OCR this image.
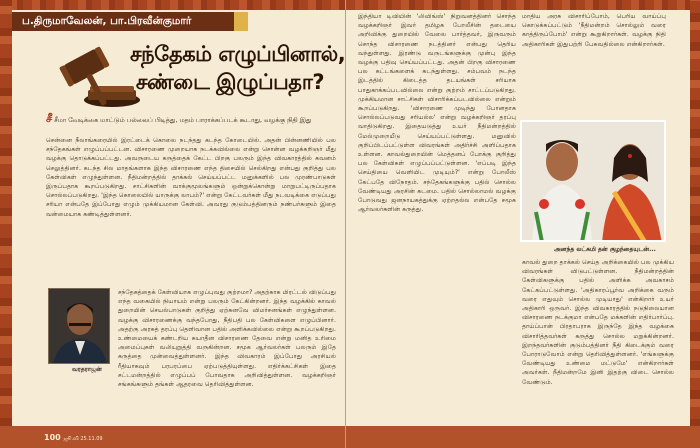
ப.திருமாவேலன், பா.பிரவீன்குமார்
சந்தேகம் எழுப்பினால்,
சண்டை இழுப்பதா?
சீ சீமா வேடிக்கை மாட்டும் பல்லைப் பிடித்து, மதம் பாராக்கப்படக் கூடாது, வழக்கு நிதி இது
சென்னை நீலாங்கரையில் இரட்டைக் கொலை நடந்தது கடந்த கோடையில். அதன் பின்னணியில் பல சந்தேகங்கள் எழுப்பப்பட்டன. விசாரணை முறையாக நடக்கவில்லை என்று சொன்ன வழக்கறிஞர் மீது வழக்கு தொடுக்கப்பட்டது. அவருடைய கருத்தைக் கேட்ட பிறகு பலரும் இந்த விவகாரத்தில் கவனம் செலுத்தினர். கடந்த சில மாதங்களாக இந்த விசாரணை எந்த திசையில் செல்கிறது என்பது குறித்து பல கேள்விகள் எழுந்துள்ளன. நீதிமன்றத்தில் தாக்கல் செய்யப்பட்ட மனுக்களில் பல முரண்பாடுகள் இருப்பதாக கூறப்படுகிறது. சாட்சிகளின் வாக்குமூலங்களும் ஒன்றுக்கொன்று மாறுபட்டிருப்பதாக சொல்லப்படுகிறது. 'இந்த கொலையில் யாருக்கு லாபம்?' என்று கேட்டவர்கள் மீது நடவடிக்கை எடுப்பது சரியா என்பதே இப்போது எழும் முக்கியமான கேள்வி. அவரது குடும்பத்தினரும் நண்பர்களும் இதை வன்மையாக கண்டித்துள்ளனர்.
வரதராஜன்
சந்தேகத்தைக் கேள்வியாக எழுப்புவது குற்றமா? அதற்காக மிரட்டல் விடுப்பது எந்த வகையில் நியாயம் என்று பலரும் கேட்கின்றனர். இந்த வழக்கில் காவல் துறையின் செயல்பாடுகள் குறித்து ஏற்கனவே விமர்சனங்கள் எழுந்துள்ளன. வழக்கு விசாரணைக்கு வந்தபோது, நீதிபதி பல கேள்விகளை எழுப்பினார். அதற்கு அரசுத் தரப்பு தெளிவான பதில் அளிக்கவில்லை என்று கூறப்படுகிறது. உண்மையைக் கண்டறிய சுயாதீன விசாரணை தேவை என்று மனித உரிமை அமைப்புகள் வலியுறுத்தி வருகின்றன. சமூக ஆர்வலர்கள் பலரும் இதே கருத்தை முன்வைத்துள்ளனர். இந்த விவகாரம் இப்போது அரசியல் ரீதியாகவும் பரபரப்பை ஏற்படுத்தியுள்ளது. எதிர்க்கட்சிகள் இதை சட்டமன்றத்தில் எழுப்பப் போவதாக அறிவித்துள்ளன. வழக்கறிஞர் சங்கங்களும் தங்கள் ஆதரவை தெரிவித்துள்ளன.
100 ஜூ.வி 25.11.09
இந்தியா டிவியின் 'லிவிங்ஸ்' நிறுவனத்தினர் சொந்த வழக்கறிஞர் இவர் தமிழக போலீசின் தடையை அறிவிக்கு துறையில் வேலை பார்த்தவர், இருவரும் சொந்த விசாரணை நடத்தினர் என்பது தெரிய வந்துள்ளது. இரண்டு வருடங்களுக்கு முன்பு இந்த வழக்கு பதிவு செய்யப்பட்டது. அதன் பிறகு விசாரணை பல கட்டங்களைக் கடந்துள்ளது. சம்பவம் நடந்த இடத்தில் கிடைத்த தடயங்கள் சரியாக பாதுகாக்கப்படவில்லை என்று குற்றம் சாட்டப்படுகிறது. முக்கியமான சாட்சிகள் விசாரிக்கப்படவில்லை என்றும் கூறப்படுகிறது. 'விசாரணை முடிந்து போனதாக சொல்லப்படுவது சரியல்ல' என்று வழக்கறிஞர் தரப்பு வாதிடுகிறது. இதையடுத்து உயர் நீதிமன்றத்தில் மேல்முறையீடு செய்யப்பட்டுள்ளது. மனுவில் குறிப்பிடப்பட்டுள்ள விவரங்கள் அதிர்ச்சி அளிப்பதாக உள்ளன. காவல்துறையின் மெத்தனப் போக்கு குறித்து பல கேள்விகள் எழுப்பப்பட்டுள்ளன. 'எப்படி இந்த செய்தியை வெளியிட முடியும்?' என்று போலீஸ் கேட்பதே விநோதம். சந்தேகங்களுக்கு பதில் சொல்ல வேண்டியது அரசின் கடமை. பதில் சொல்லாமல் வழக்கு போடுவது ஜனநாயகத்துக்கு ஏற்றதல்ல என்பதே சமூக ஆர்வலர்களின் கருத்து.
மாதிய அரசு விசாரிப்போம், பெரிய வாய்ப்பு கொடுக்கப்பட்டும் 'நீதிமன்றம் சொல்லும் வரை காத்திருப்போம்' என்று கூறுகிறார்கள். வழக்கு நிதி அதிகாரிகள் இதுபற்றி பேசுவதில்லை என்கிறார்கள்.
அனந்த லட்சுமி தன் குழந்தையுடன்...
காவல் துறை தாக்கல் செய்த அறிக்கையில் பல முக்கிய விவரங்கள் விடுபட்டுள்ளன. நீதிமன்றத்தின் கேள்விகளுக்கு பதில் அளிக்க அவகாசம் கேட்கப்பட்டுள்ளது. 'அதிகாரப்பூர்வ அறிக்கை வரும் வரை எதுவும் சொல்ல முடியாது' என்கிறார் உயர் அதிகாரி ஒருவர். இந்த விவகாரத்தில் நடுநிலையான விசாரணை நடக்குமா என்பதே மக்களின் எதிர்பார்ப்பு. தாய்ப்பான் பிரதாபராக இருந்தே இந்த வழக்கை விசாரித்தவர்கள் கருத்து சொல்ல மறுக்கின்றனர். இறந்தவர்களின் குடும்பத்தினர் நீதி கிடைக்கும் வரை போராடுவோம் என்று தெரிவித்துள்ளனர். 'எங்களுக்கு வேண்டியது உண்மை மட்டுமே' என்கிறார்கள் அவர்கள். நீதிமன்றமே இனி இதற்கு விடை சொல்ல வேண்டும்.
